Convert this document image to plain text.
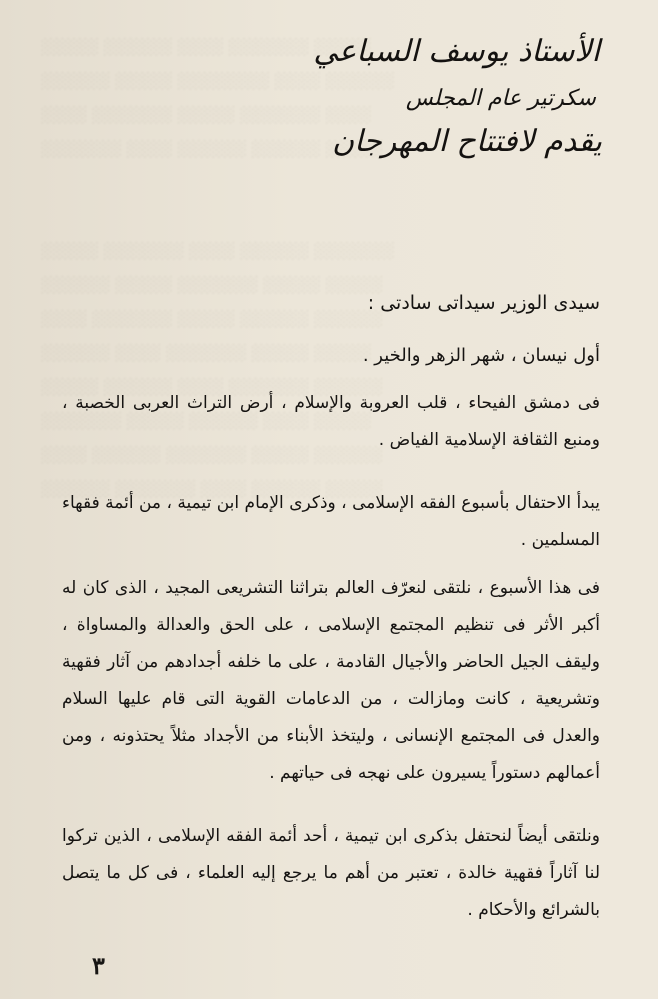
░░░░░ ░░░░░░ ░░░░ ░░░░░░░ ░░░░░
░░░░░░ ░░░░░ ░░░░░░░░ ░░░░ ░░░░░░
░░░░ ░░░░░░░ ░░░░░ ░░░░░░░ ░░░░
░░░░░░░ ░░░░ ░░░░░░ ░░░░░░ ░░░░░

░░░░░ ░░░░░░░ ░░░░ ░░░░░░ ░░░░░░░
░░░░░░ ░░░░░ ░░░░░░░ ░░░░░ ░░░░░
░░░░ ░░░░░░░ ░░░░░ ░░░░░░ ░░░░░░
░░░░░░ ░░░░ ░░░░░░░ ░░░░░ ░░░░░
░░░░░ ░░░░░░ ░░░░ ░░░░░░░ ░░░░░░
░░░░░░░ ░░░░░ ░░░░░░ ░░░░ ░░░░░
░░░░ ░░░░░░ ░░░░░░░ ░░░░░ ░░░░░░
░░░░░░ ░░░░░░░ ░░░░ ░░░░░░ ░░░░░

الأستاذ يوسف السباعي
سكرتير عام المجلس
يقدم لافتتاح المهرجان

سيدى الوزير سيداتى سادتى :

أول نيسان ، شهر الزهر والخير .

فى دمشق الفيحاء ، قلب العروبة والإسلام ، أرض التراث العربى الخصبة ، ومنبع الثقافة الإسلامية الفياض .

يبدأ الاحتفال بأسبوع الفقه الإسلامى ، وذكرى الإمام ابن تيمية ، من أئمة فقهاء المسلمين .

فى هذا الأسبوع ، نلتقى لنعرّف العالم بتراثنا التشريعى المجيد ، الذى كان له أكبر الأثر فى تنظيم المجتمع الإسلامى ، على الحق والعدالة والمساواة ، وليقف الجيل الحاضر والأجيال القادمة ، على ما خلفه أجدادهم من آثار فقهية وتشريعية ، كانت ومازالت ، من الدعامات القوية التى قام عليها السلام والعدل فى المجتمع الإنسانى ، وليتخذ الأبناء من الأجداد مثلاً يحتذونه ، ومن أعمالهم دستوراً يسيرون على نهجه فى حياتهم .

ونلتقى أيضاً لنحتفل بذكرى ابن تيمية ، أحد أئمة الفقه الإسلامى ، الذين تركوا لنا آثاراً فقهية خالدة ، تعتبر من أهم ما يرجع إليه العلماء ، فى كل ما يتصل بالشرائع والأحكام .

٣
